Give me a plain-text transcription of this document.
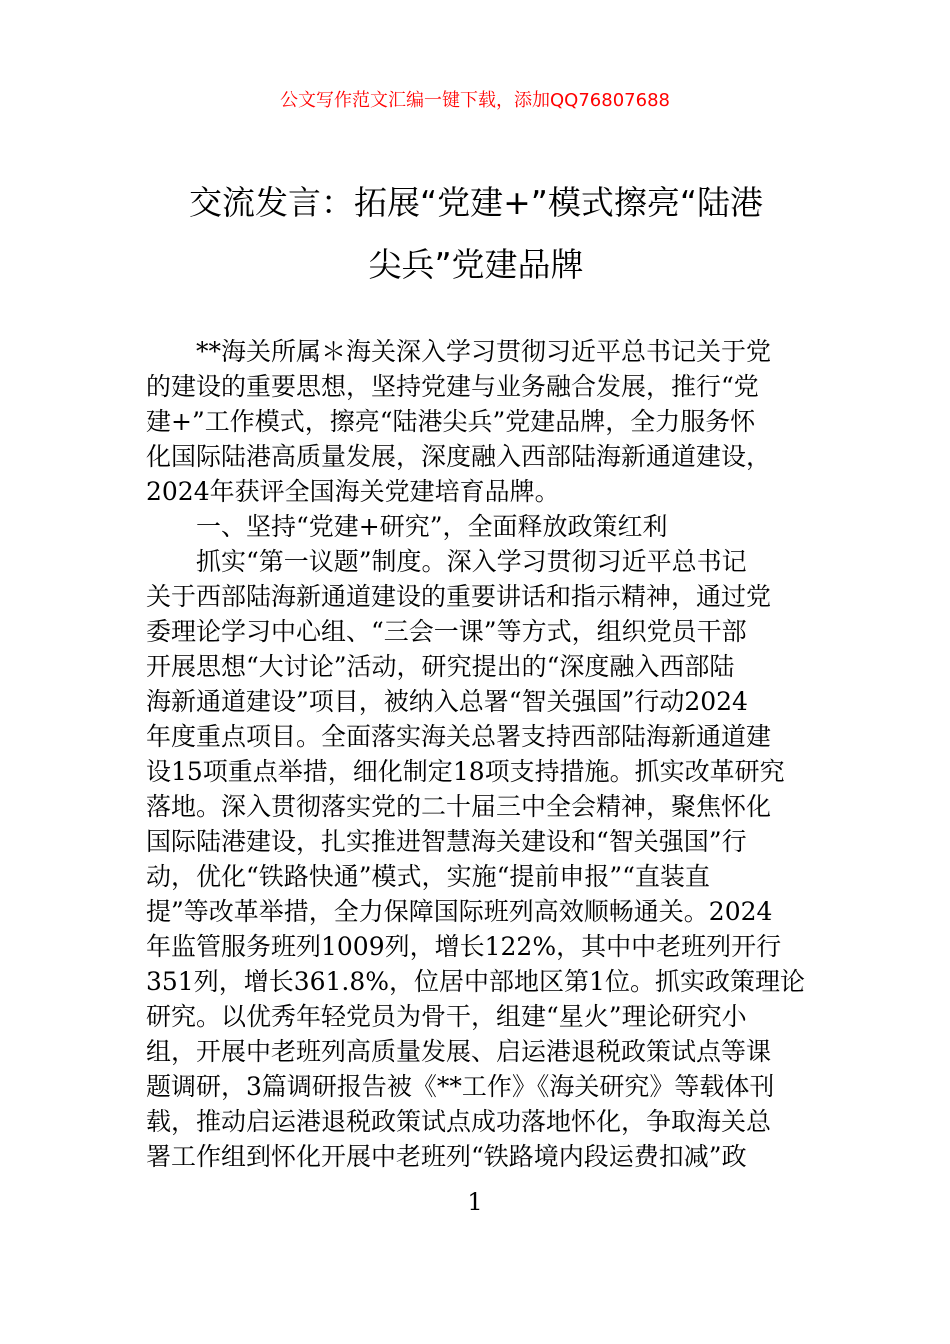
公文写作范文汇编一键下载，添加QQ76807688
交流发言：拓展“党建+”模式擦亮“陆港
尖兵”党建品牌
　　**海关所属＊海关深入学习贯彻习近平总书记关于党
的建设的重要思想，坚持党建与业务融合发展，推行“党
建+”工作模式，擦亮“陆港尖兵”党建品牌，全力服务怀
化国际陆港高质量发展，深度融入西部陆海新通道建设，
2024年获评全国海关党建培育品牌。
　　一、坚持“党建+研究”，全面释放政策红利
　　抓实“第一议题”制度。深入学习贯彻习近平总书记
关于西部陆海新通道建设的重要讲话和指示精神，通过党
委理论学习中心组、“三会一课”等方式，组织党员干部
开展思想“大讨论”活动，研究提出的“深度融入西部陆
海新通道建设”项目，被纳入总署“智关强国”行动2024
年度重点项目。全面落实海关总署支持西部陆海新通道建
设15项重点举措，细化制定18项支持措施。抓实改革研究
落地。深入贯彻落实党的二十届三中全会精神，聚焦怀化
国际陆港建设，扎实推进智慧海关建设和“智关强国”行
动，优化“铁路快通”模式，实施“提前申报”“直装直
提”等改革举措，全力保障国际班列高效顺畅通关。2024
年监管服务班列1009列，增长122%，其中中老班列开行
351列，增长361.8%，位居中部地区第1位。抓实政策理论
研究。以优秀年轻党员为骨干，组建“星火”理论研究小
组，开展中老班列高质量发展、启运港退税政策试点等课
题调研，3篇调研报告被《**工作》《海关研究》等载体刊
载，推动启运港退税政策试点成功落地怀化，争取海关总
署工作组到怀化开展中老班列“铁路境内段运费扣减”政
1
